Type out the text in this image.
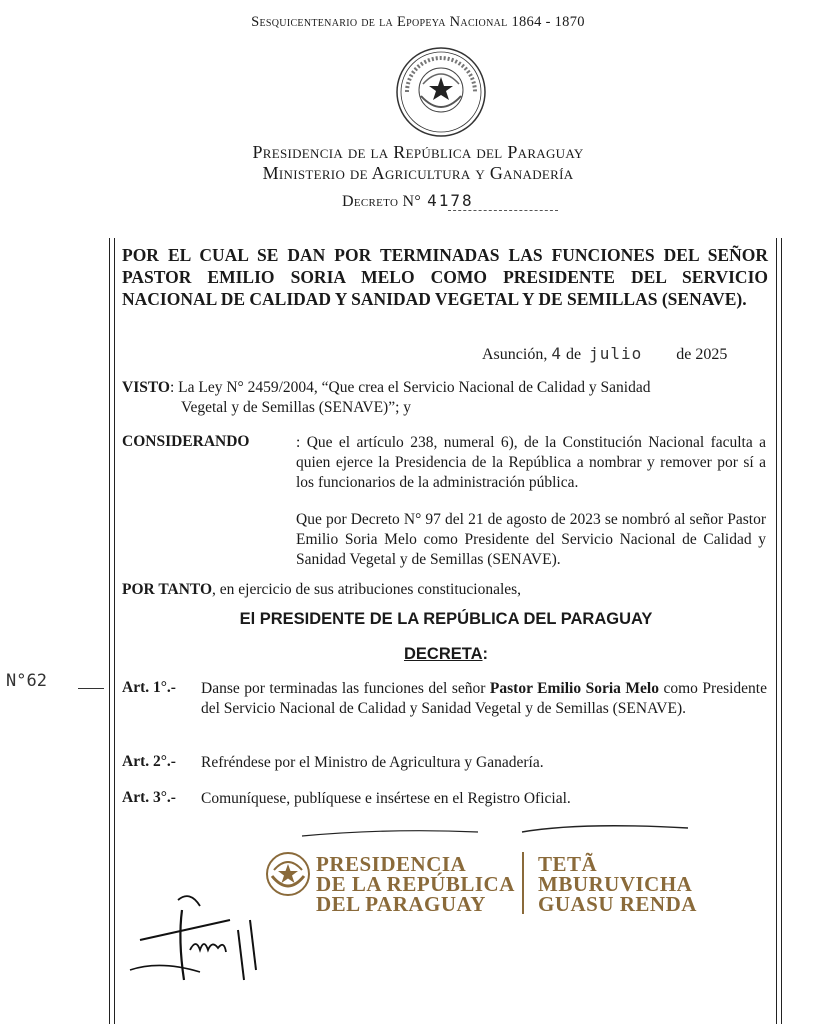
Sesquicentenario de la Epopeya Nacional 1864 - 1870
Presidencia de la República del Paraguay
Ministerio de Agricultura y Ganadería
Decreto N° 4178
POR EL CUAL SE DAN POR TERMINADAS LAS FUNCIONES DEL SEÑOR PASTOR EMILIO SORIA MELO COMO PRESIDENTE DEL SERVICIO NACIONAL DE CALIDAD Y SANIDAD VEGETAL Y DE SEMILLAS (SENAVE).
Asunción, 4 de julio de 2025
VISTO: La Ley N° 2459/2004, “Que crea el Servicio Nacional de Calidad y Sanidad
Vegetal y de Semillas (SENAVE)”; y
CONSIDERANDO	: Que el artículo 238, numeral 6), de la Constitución Nacional faculta a quien ejerce la Presidencia de la República a nombrar y remover por sí a los funcionarios de la administración pública.
Que por Decreto N° 97 del 21 de agosto de 2023 se nombró al señor Pastor Emilio Soria Melo como Presidente del Servicio Nacional de Calidad y Sanidad Vegetal y de Semillas (SENAVE).
POR TANTO, en ejercicio de sus atribuciones constitucionales,
El PRESIDENTE DE LA REPÚBLICA DEL PARAGUAY
DECRETA:
N°62	Art. 1°.- Danse por terminadas las funciones del señor Pastor Emilio Soria Melo como Presidente del Servicio Nacional de Calidad y Sanidad Vegetal y de Semillas (SENAVE).
Art. 2°.- Refréndese por el Ministro de Agricultura y Ganadería.
Art. 3°.- Comuníquese, publíquese e insértese en el Registro Oficial.
PRESIDENCIA
DE LA REPÚBLICA
DEL PARAGUAY
TETÃ
MBURUVICHA
GUASU RENDA
